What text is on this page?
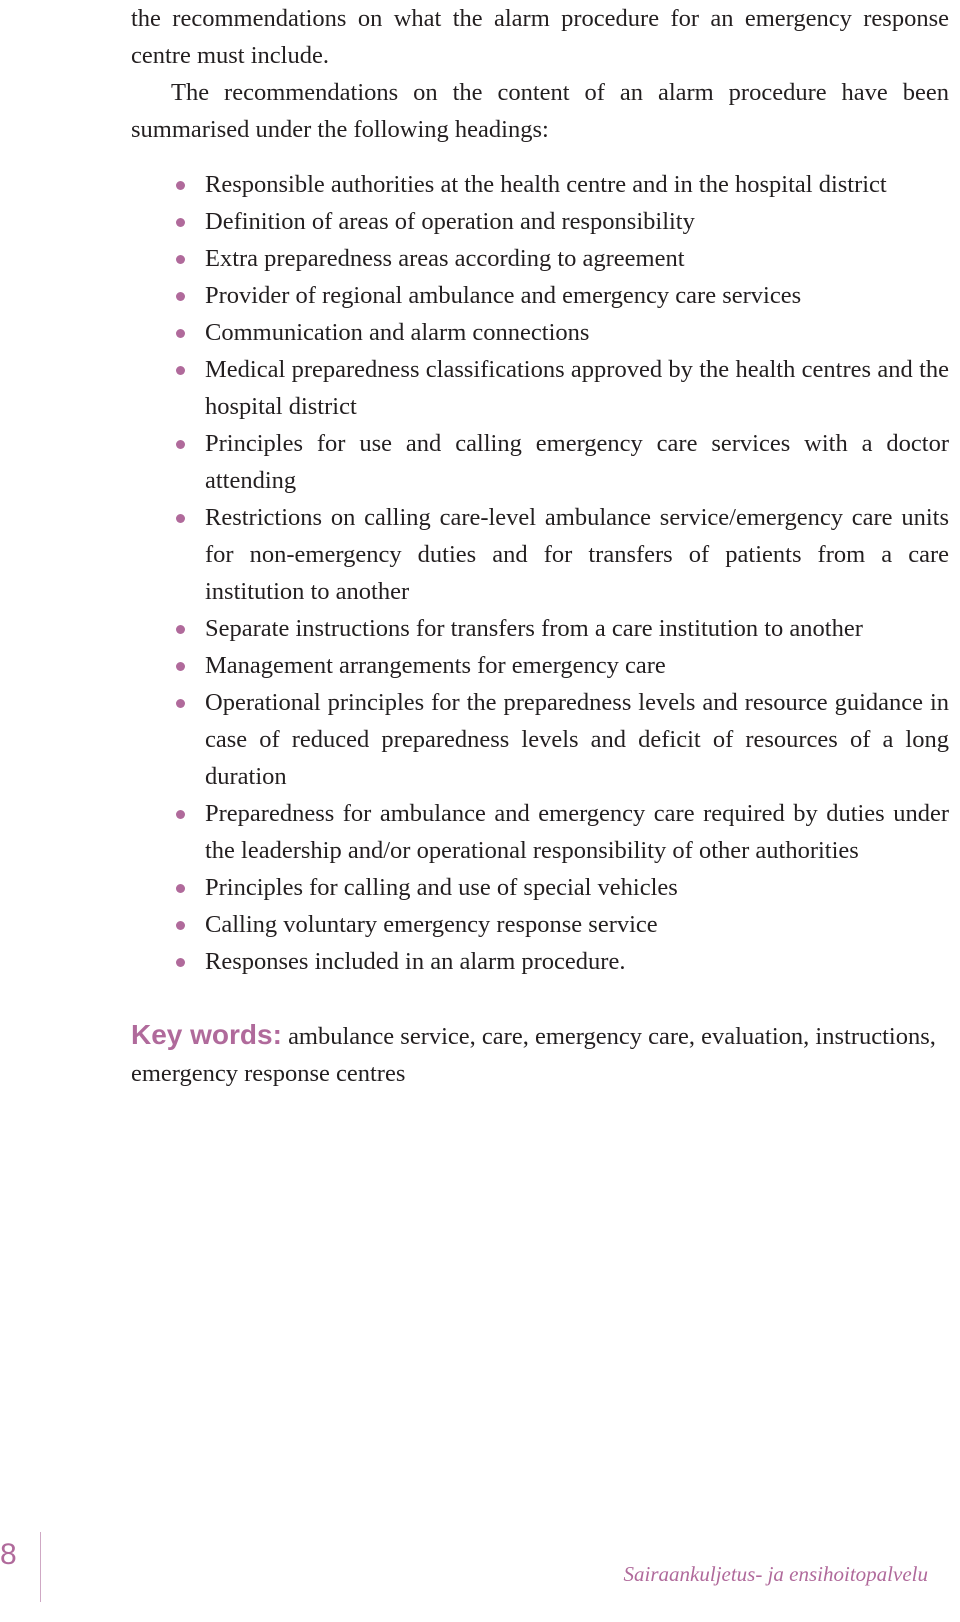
the recommendations on what the alarm procedure for an emergency response centre must include.

The recommendations on the content of an alarm procedure have been summarised under the following headings:

Responsible authorities at the health centre and in the hospital district
Definition of areas of operation and responsibility
Extra preparedness areas according to agreement
Provider of regional ambulance and emergency care services
Communication and alarm connections
Medical preparedness classifications approved by the health centres and the hospital district
Principles for use and calling emergency care services with a doctor attending
Restrictions on calling care-level ambulance service/emergency care units for non-emergency duties and for transfers of patients from a care institution to another
Separate instructions for transfers from a care institution to another
Management arrangements for emergency care
Operational principles for the preparedness levels and resource guidance in case of reduced preparedness levels and deficit of resources of a long duration
Preparedness for ambulance and emergency care required by duties under the leadership and/or operational responsibility of other authorities
Principles for calling and use of special vehicles
Calling voluntary emergency response service
Responses included in an alarm procedure.

Key words: ambulance service, care, emergency care, evaluation, instructions, emergency response centres

8
Sairaankuljetus- ja ensihoitopalvelu
